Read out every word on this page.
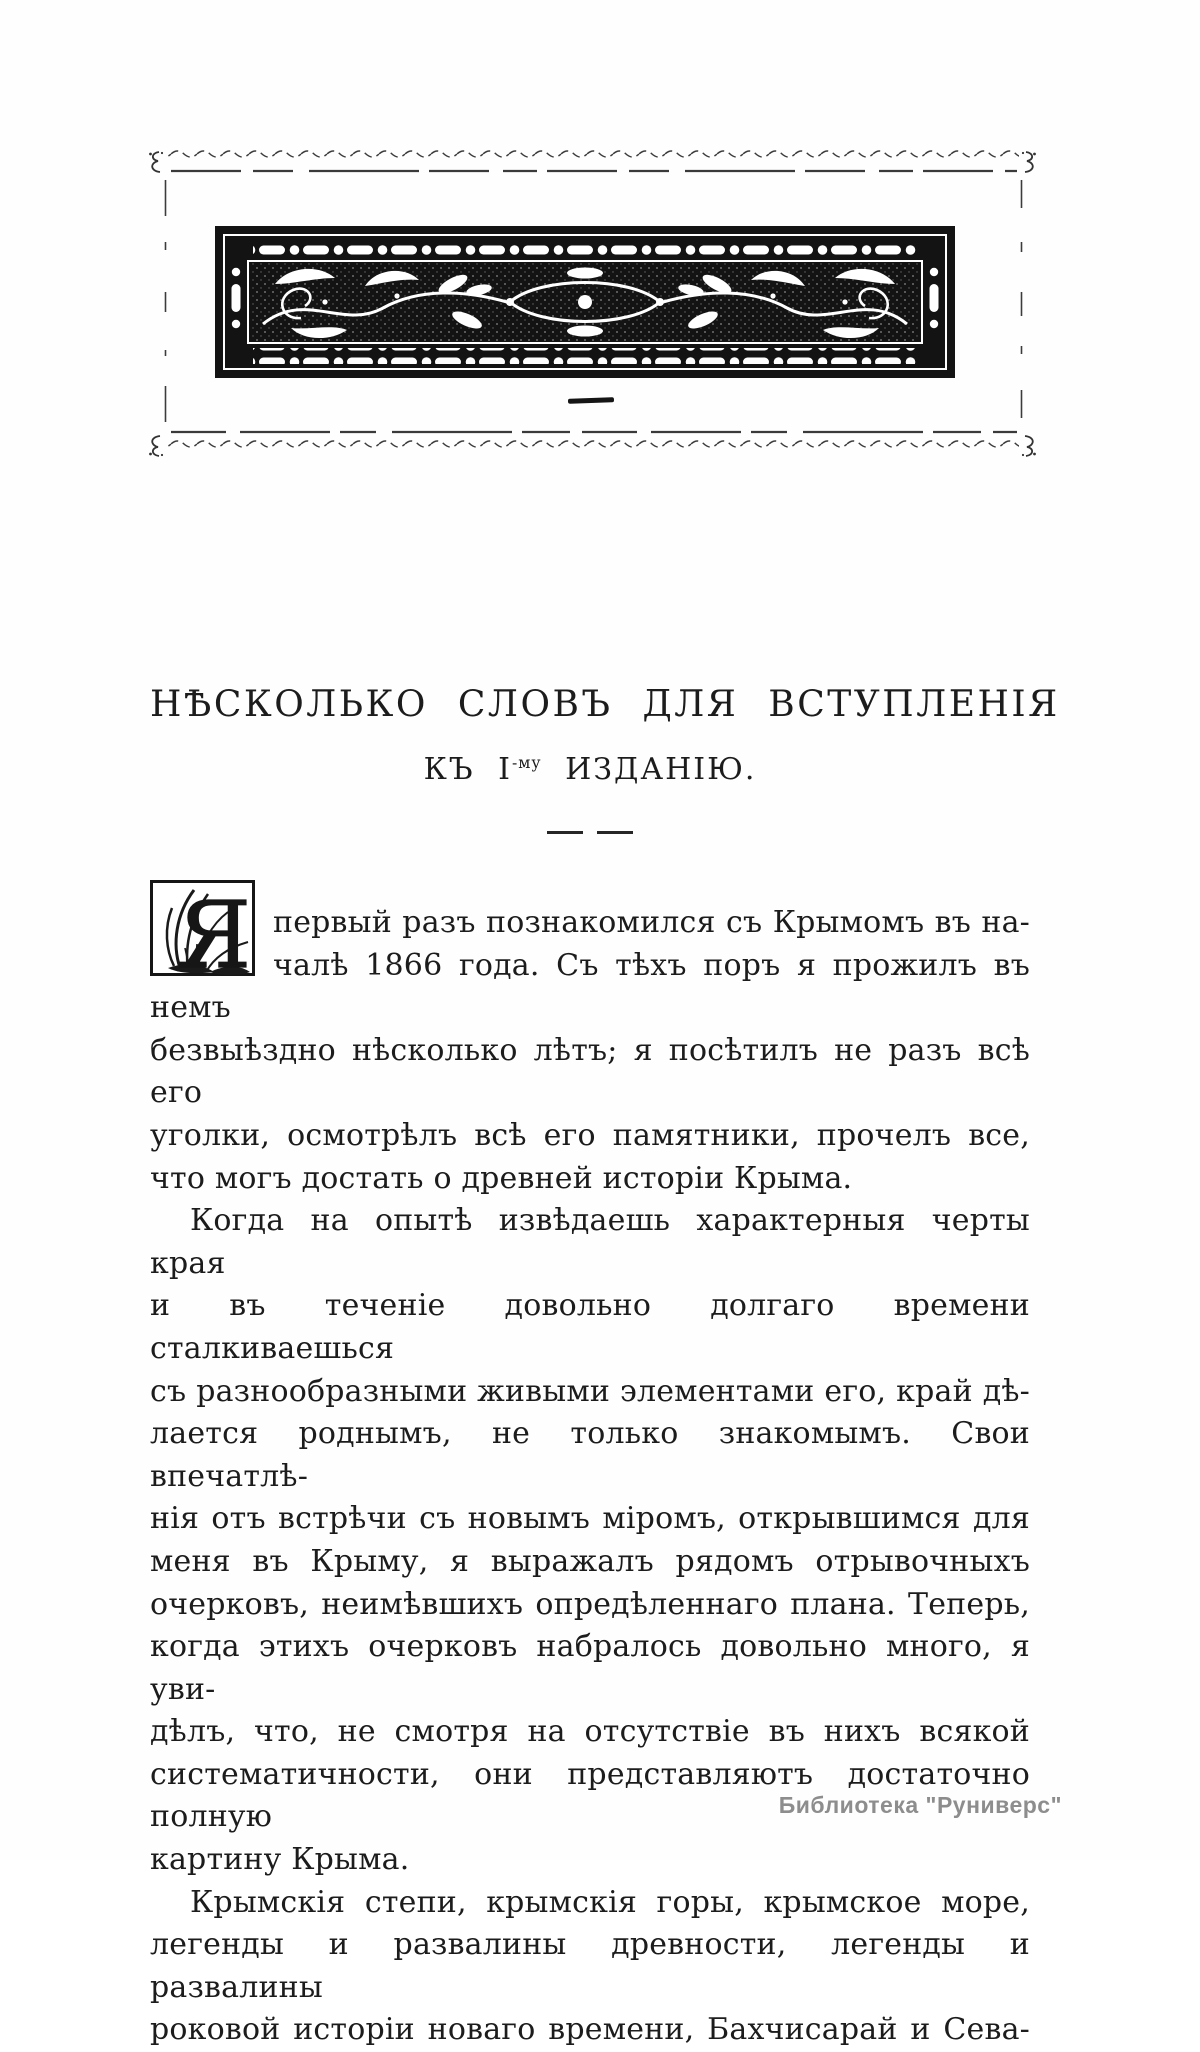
НѢСКОЛЬКО СЛОВЪ ДЛЯ ВСТУПЛЕНІЯ
КЪ $I^{-му}$ ИЗДАНІЮ.
Я первый разъ познакомился съ Крымомъ въ на-
чалѣ 1866 года. Съ тѣхъ поръ я прожилъ въ немъ
безвыѣздно нѣсколько лѣтъ; я посѣтилъ не разъ всѣ его
уголки, осмотрѣлъ всѣ его памятники, прочелъ все,
что могъ достать о древней исторіи Крыма.
Когда на опытѣ извѣдаешь характерныя черты края
и въ теченіе довольно долгаго времени сталкиваешься
съ разнообразными живыми элементами его, край дѣ-
лается роднымъ, не только знакомымъ. Свои впечатлѣ-
нія отъ встрѣчи съ новымъ міромъ, открывшимся для
меня въ Крыму, я выражалъ рядомъ отрывочныхъ
очерковъ, неимѣвшихъ опредѣленнаго плана. Теперь,
когда этихъ очерковъ набралось довольно много, я уви-
дѣлъ, что, не смотря на отсутствіе въ нихъ всякой
систематичности, они представляютъ достаточно полную
картину Крыма.
Крымскія степи, крымскія горы, крымское море,
легенды и развалины древности, легенды и развалины
роковой исторіи новаго времени, Бахчисарай и Сева-
Библиотека "Руниверс"
